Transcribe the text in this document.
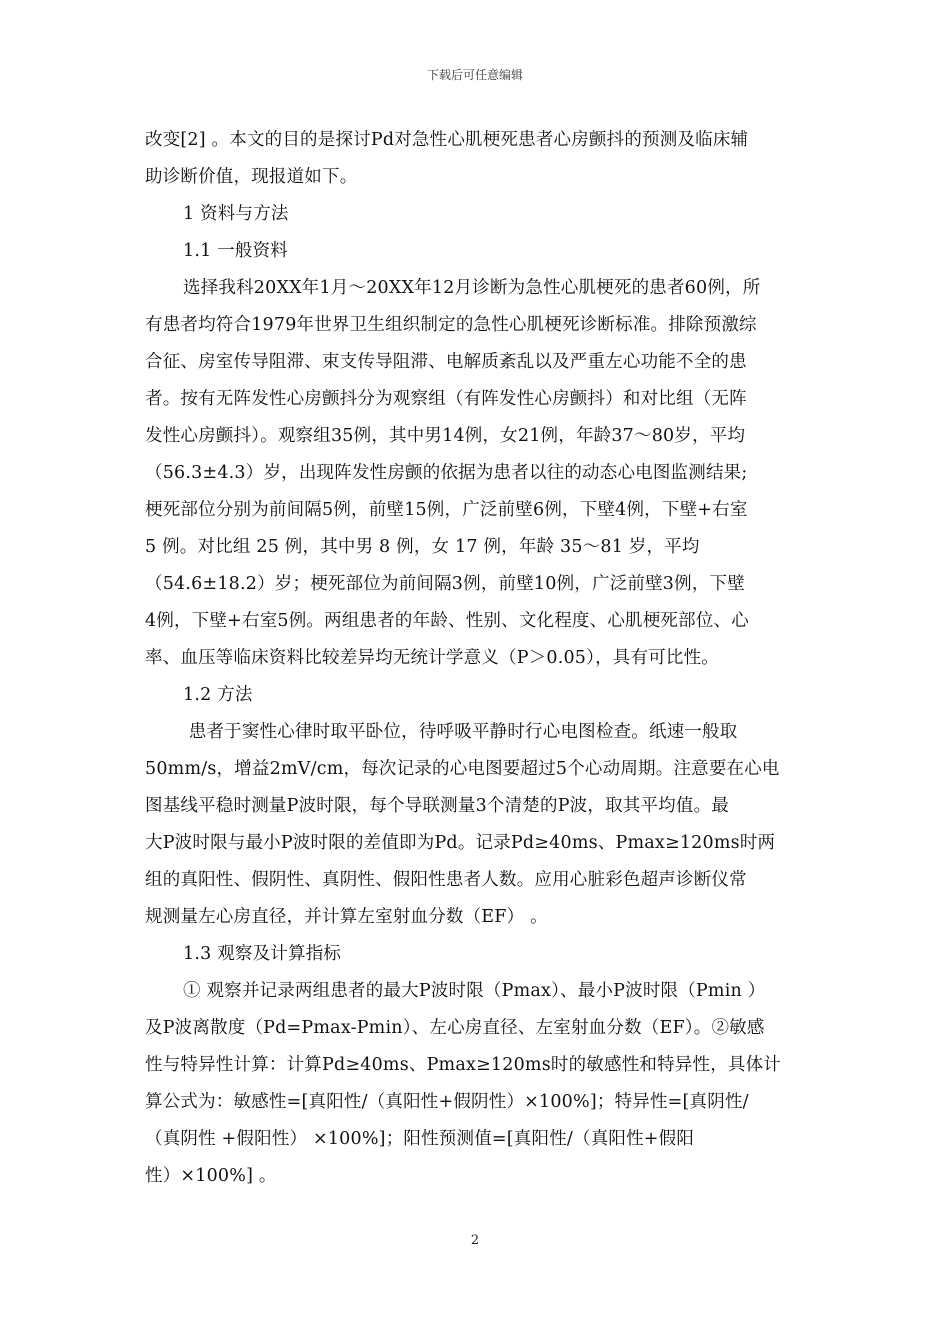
下载后可任意编辑
改变[2] 。本文的目的是探讨Pd对急性心肌梗死患者心房颤抖的预测及临床辅
助诊断价值，现报道如下。
1 资料与方法
1.1 一般资料
选择我科20XX年1月～20XX年12月诊断为急性心肌梗死的患者60例，所
有患者均符合1979年世界卫生组织制定的急性心肌梗死诊断标准。排除预激综
合征、房室传导阻滞、束支传导阻滞、电解质紊乱以及严重左心功能不全的患
者。按有无阵发性心房颤抖分为观察组（有阵发性心房颤抖）和对比组（无阵
发性心房颤抖）。观察组35例，其中男14例，女21例，年龄37～80岁，平均
（56.3±4.3）岁，出现阵发性房颤的依据为患者以往的动态心电图监测结果;
梗死部位分别为前间隔5例，前壁15例，广泛前壁6例，下壁4例，下壁+右室
5 例。对比组 25 例，其中男 8 例，女 17 例，年龄 35～81 岁，平均
（54.6±18.2）岁；梗死部位为前间隔3例，前壁10例，广泛前壁3例，下壁
4例，下壁+右室5例。两组患者的年龄、性别、文化程度、心肌梗死部位、心
率、血压等临床资料比较差异均无统计学意义（P＞0.05），具有可比性。
1.2 方法
患者于窦性心律时取平卧位，待呼吸平静时行心电图检查。纸速一般取
50mm/s，增益2mV/cm，每次记录的心电图要超过5个心动周期。注意要在心电
图基线平稳时测量P波时限，每个导联测量3个清楚的P波，取其平均值。最
大P波时限与最小P波时限的差值即为Pd。记录Pd≥40ms、Pmax≥120ms时两
组的真阳性、假阴性、真阴性、假阳性患者人数。应用心脏彩色超声诊断仪常
规测量左心房直径，并计算左室射血分数（EF） 。
1.3 观察及计算指标
① 观察并记录两组患者的最大P波时限（Pmax）、最小P波时限（Pmin ）
及P波离散度（Pd=Pmax-Pmin）、左心房直径、左室射血分数（EF）。②敏感
性与特异性计算：计算Pd≥40ms、Pmax≥120ms时的敏感性和特异性，具体计
算公式为：敏感性=[真阳性/（真阳性+假阴性）×100%]；特异性=[真阴性/
（真阴性 +假阳性） ×100%]；阳性预测值=[真阳性/（真阳性+假阳
性）×100%] 。
2
